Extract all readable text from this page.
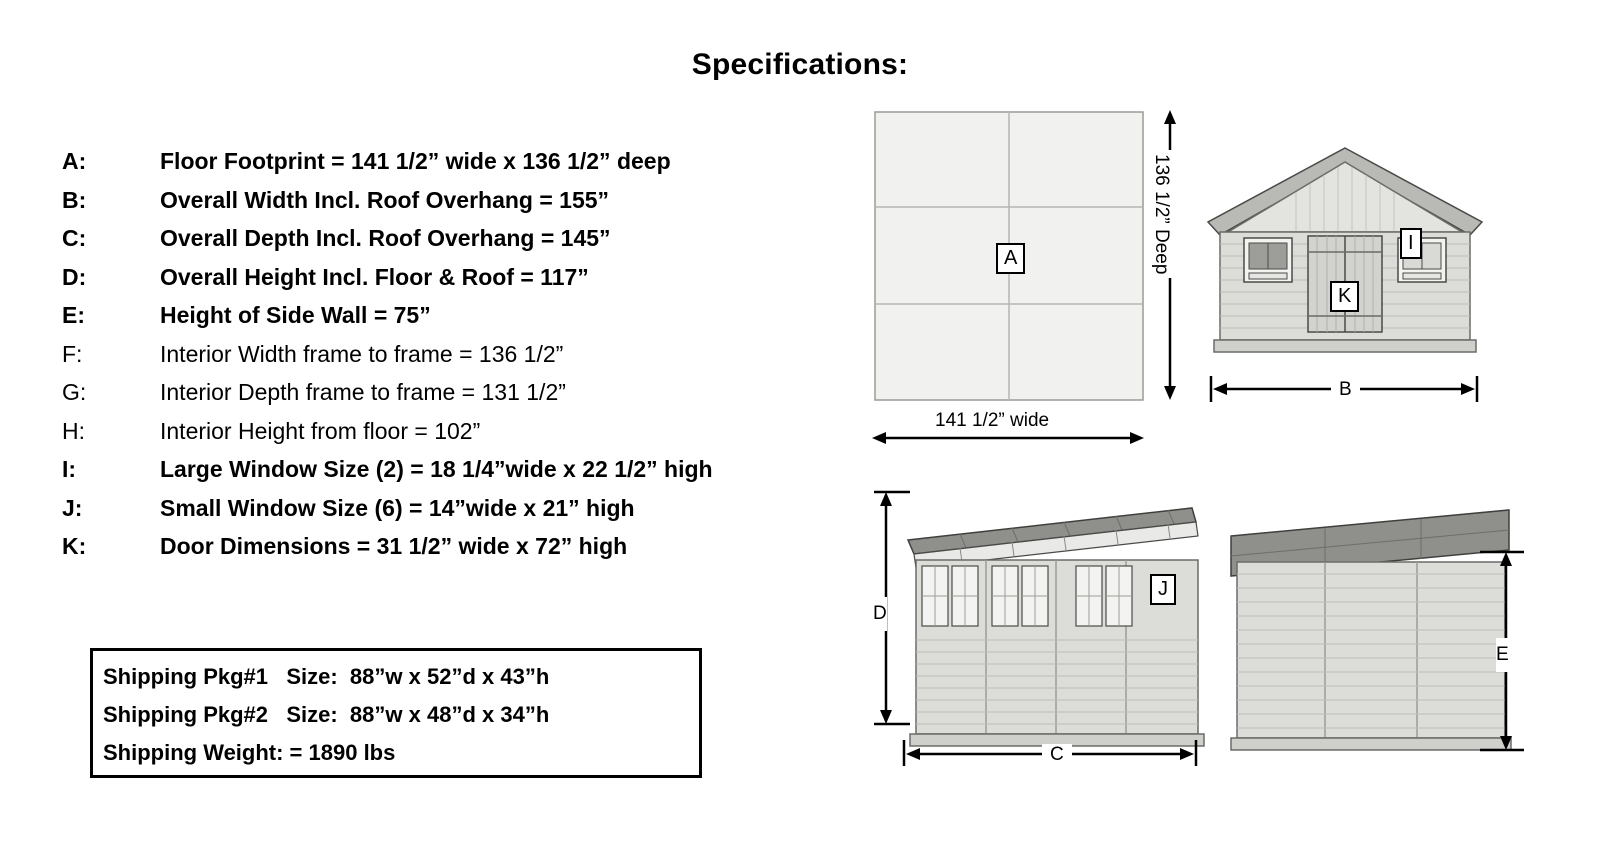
Specifications:
A:	Floor Footprint = 141 1/2” wide x 136 1/2” deep
B:	Overall Width Incl. Roof Overhang = 155”
C:	Overall Depth Incl. Roof Overhang = 145”
D:	Overall Height Incl. Floor & Roof = 117”
E:	Height of Side Wall = 75”
F:	Interior Width frame to frame = 136 1/2”
G:	Interior Depth frame to frame = 131 1/2”
H:	Interior Height from floor = 102”
I:	Large Window Size (2) = 18 1/4”wide x 22 1/2” high
J:	Small Window Size (6) = 14”wide x 21” high
K:	Door Dimensions = 31 1/2” wide x 72” high
Shipping Pkg#1   Size:  88”w x 52”d x 43”h
Shipping Pkg#2   Size:  88”w x 48”d x 34”h
Shipping Weight: = 1890 lbs
136 1/2” Deep
141 1/2” wide
A
I
K
B
J
D
C
E
